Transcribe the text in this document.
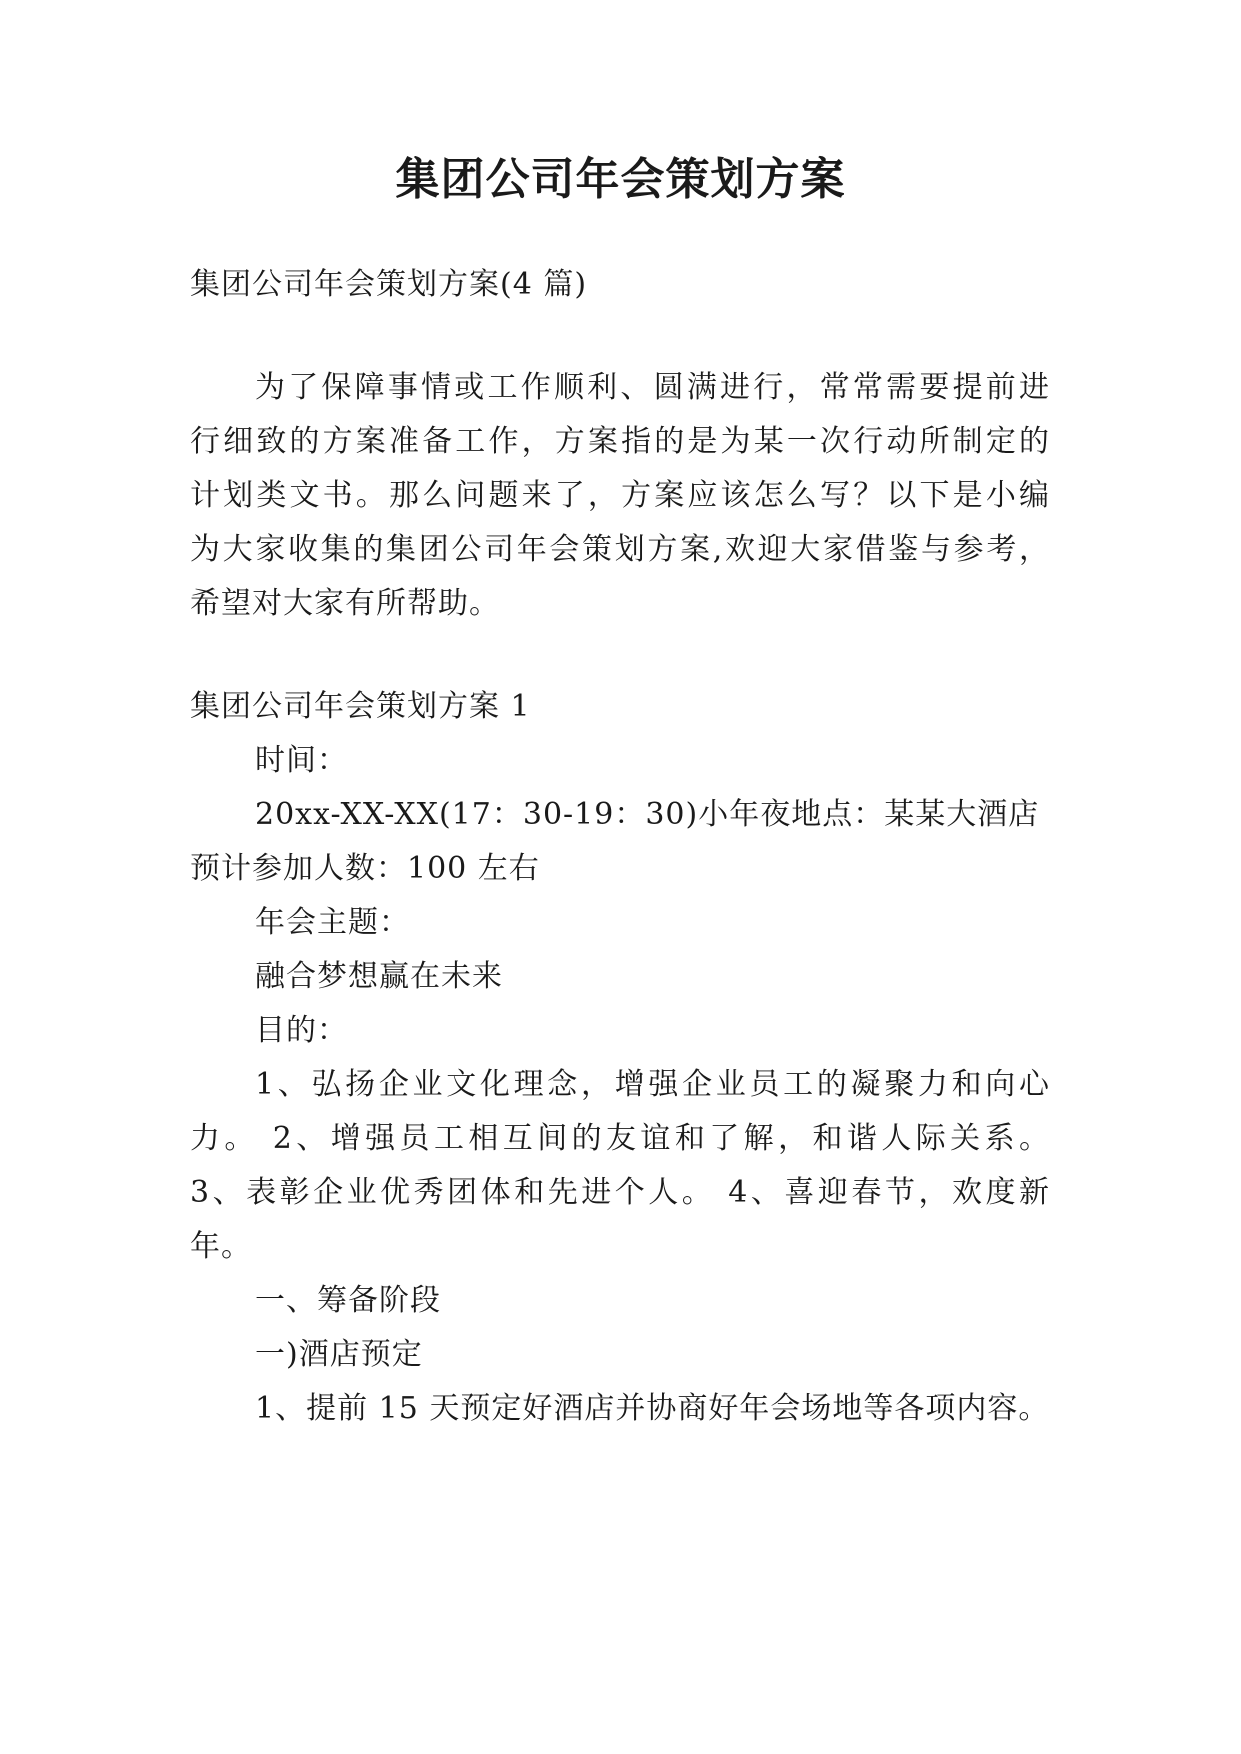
集团公司年会策划方案

集团公司年会策划方案(4 篇)

为了保障事情或工作顺利、圆满进行，常常需要提前进

行细致的方案准备工作，方案指的是为某一次行动所制定的

计划类文书。那么问题来了，方案应该怎么写？以下是小编

为大家收集的集团公司年会策划方案,欢迎大家借鉴与参考，

希望对大家有所帮助。

集团公司年会策划方案 1

时间：

20xx-XX-XX(17：30-19：30)小年夜地点：某某大酒店

预计参加人数：100 左右

年会主题：

融合梦想赢在未来

目的：

1、弘扬企业文化理念，增强企业员工的凝聚力和向心

力。 2、增强员工相互间的友谊和了解，和谐人际关系。

3、表彰企业优秀团体和先进个人。 4、喜迎春节，欢度新

年。

一、筹备阶段

一)酒店预定

1、提前 15 天预定好酒店并协商好年会场地等各项内容。
